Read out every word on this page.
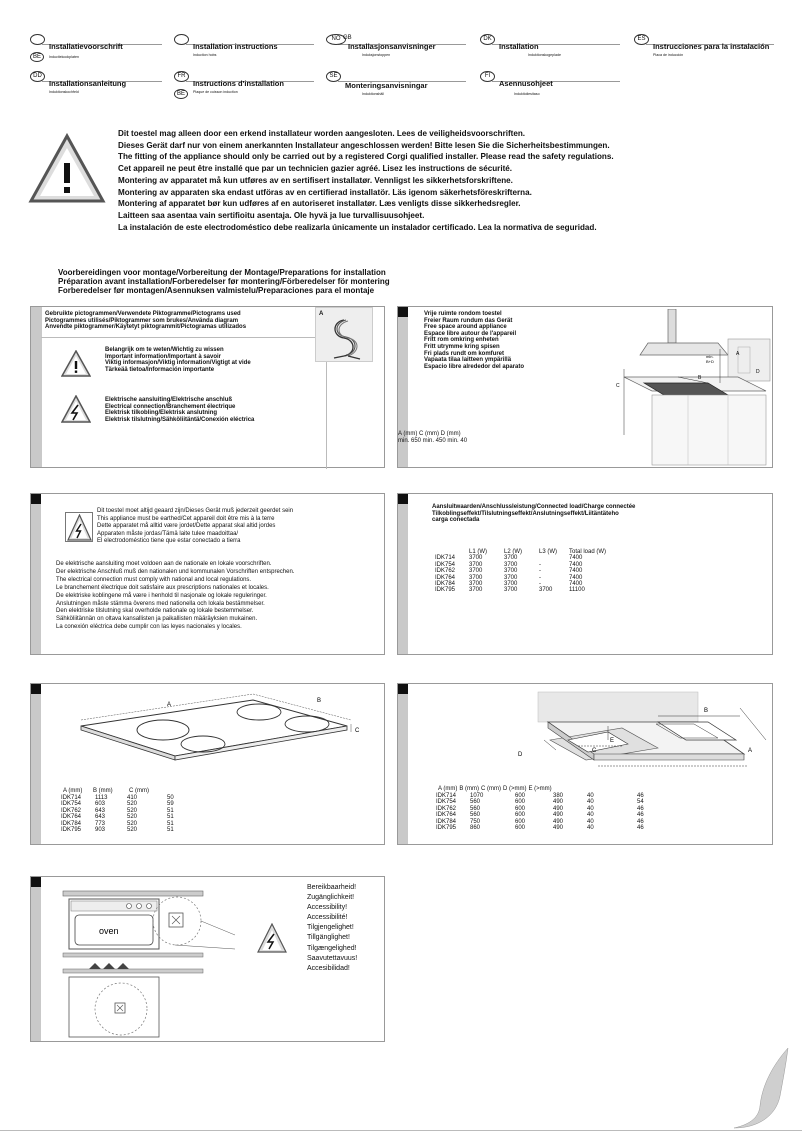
Installatievoorschrift
BE	Inductiekookplaten
Installation instructions
Induction hobs
NO GB
Installasjonsanvisninger
Induksjonstoppen
DK
Installation
Induktionskogeplade
ES
Instrucciones para la instalación
Placa de inducción
DD
Installationsanleitung
Induktionskochfeld
FR
Instructions d'installation
BE	Plaque de cuisson induction
SE
Monteringsanvisningar
Induktionshäll
FI
Asennusohjeet
Induktioliesitaso
Dit toestel mag alleen door een erkend installateur worden aangesloten. Lees de veiligheidsvoorschriften.
Dieses Gerät darf nur von einem anerkannten Installateur angeschlossen werden! Bitte lesen Sie die Sicherheitsbestimmungen.
The fitting of the appliance should only be carried out by a registered Corgi qualified installer. Please read the safety regulations.
Cet appareil ne peut être installé que par un technicien gazier agréé. Lisez les instructions de sécurité.
Montering av apparatet må kun utføres av en sertifisert installatør. Vennligst les sikkerhetsforskriftene.
Montering av apparaten ska endast utföras av en certifierad installatör. Läs igenom säkerhetsföreskrifterna.
Montering af apparatet bør kun udføres af en autoriseret installatør. Læs venligts disse sikkerhedsregler.
Laitteen saa asentaa vain sertifioitu asentaja. Ole hyvä ja lue turvallisuusohjeet.
La instalación de este electrodoméstico debe realizarla únicamente un instalador certificado. Lea la normativa de seguridad.
Voorbereidingen voor montage/Vorbereitung der Montage/Preparations for installation
Préparation avant installation/Forberedelser før montering/Förberedelser för montering
Forberedelser før montagen/Asennuksen valmistelu/Preparaciones para el montaje
Gebruikte pictogrammen/Verwendete Piktogramme/Pictograms used
Pictogrammes utilisés/Piktogrammer som brukes/Använda diagram
Anvendte piktogrammer/Käytetyt piktogrammit/Pictogramas utilizados
Belangrijk om te weten/Wichtig zu wissen
Important information/Important à savoir
Viktig informasjon/Viktig information/Vigtigt at vide
Tärkeää tietoa/Información importante
Elektrische aansluiting/Elektrische anschluß
Electrical connection/Branchement électrique
Elektrisk tilkobling/Elektrisk anslutning
Elektrisk tilslutning/Sähköliitäntä/Conexión eléctrica
A	Vrije ruimte rondom toestel
Freier Raum rundum das Gerät
Free space around appliance
Espace libre autour de l'appareil
Fritt rom omkring enheten
Fritt utrymme kring spisen
Fri plads rundt om komfuret
Vapaata tilaa laitteen ympärillä
Espacio libre alrededor del aparato
A (mm) C (mm) D (mm)
min. 650 min. 450 min. 40
A
B
C
D
min.
B+D
Dit toestel moet altijd geaard zijn/Dieses Gerät muß jederzeit geerdet sein
This appliance must be earthed/Cet appareil doit être mis à la terre
Dette apparatet må alltid være jordet/Dette apparat skal altid jordes
Apparaten måste jordas/Tämä laite tulee maadoittaa/
El electrodoméstico tiene que estar conectado a tierra
De elektrische aansluiting moet voldoen aan de nationale en lokale voorschriften.
Der elektrische Anschluß muß den nationalen und kommunalen Vorschriften entsprechen.
The electrical connection must comply with national and local regulations.
Le branchement électrique doit satisfaire aux prescriptions nationales et locales.
De elektriske koblingene må være i henhold til nasjonale og lokale reguleringer.
Anslutningen måste stämma överens med nationella och lokala bestämmelser.
Den elektriske tilslutning skal overholde nationale og lokale bestemmelser.
Sähköliitännän on oltava kansallisten ja paikallisten määräyksien mukainen.
La conexión eléctrica debe cumplir con las leyes nacionales y locales.
Aansluitwaarden/Anschlussleistung/Connected load/Charge connectée
Tilkoblingseffekt/Tilslutningseffekt/Anslutningseffekt/Liitäntäteho
carga conectada
	L1 (W)	L2 (W)	L3 (W)	Total load (W)
IDK714	3700	3700		7400
IDK754	3700	3700	-	7400
IDK762	3700	3700	-	7400
IDK764	3700	3700	-	7400
IDK784	3700	3700	-	7400
IDK795	3700	3700	3700	11100
A
B
C
	A (mm)	B (mm)	C (mm)	
IDK714	1113	410	50
IDK754	603	520	59
IDK762	643	520	51
IDK764	643	520	51
IDK784	773	520	51
IDK795	903	520	51
A
B
C
D
E
	A (mm)	B (mm)	C (mm)	D (>mm)	E (>mm)
IDK714	1070	600	380	40	46
IDK754	560	600	490	40	54
IDK762	560	600	490	40	46
IDK764	560	600	490	40	46
IDK784	750	600	490	40	46
IDK795	860	600	490	40	46
oven
Bereikbaarheid!
Zugänglichkeit!
Accessibility!
Accessibilité!
Tilgjengelighet!
Tillgänglighet!
Tilgængelighed!
Saavutettavuus!
Accesibilidad!
